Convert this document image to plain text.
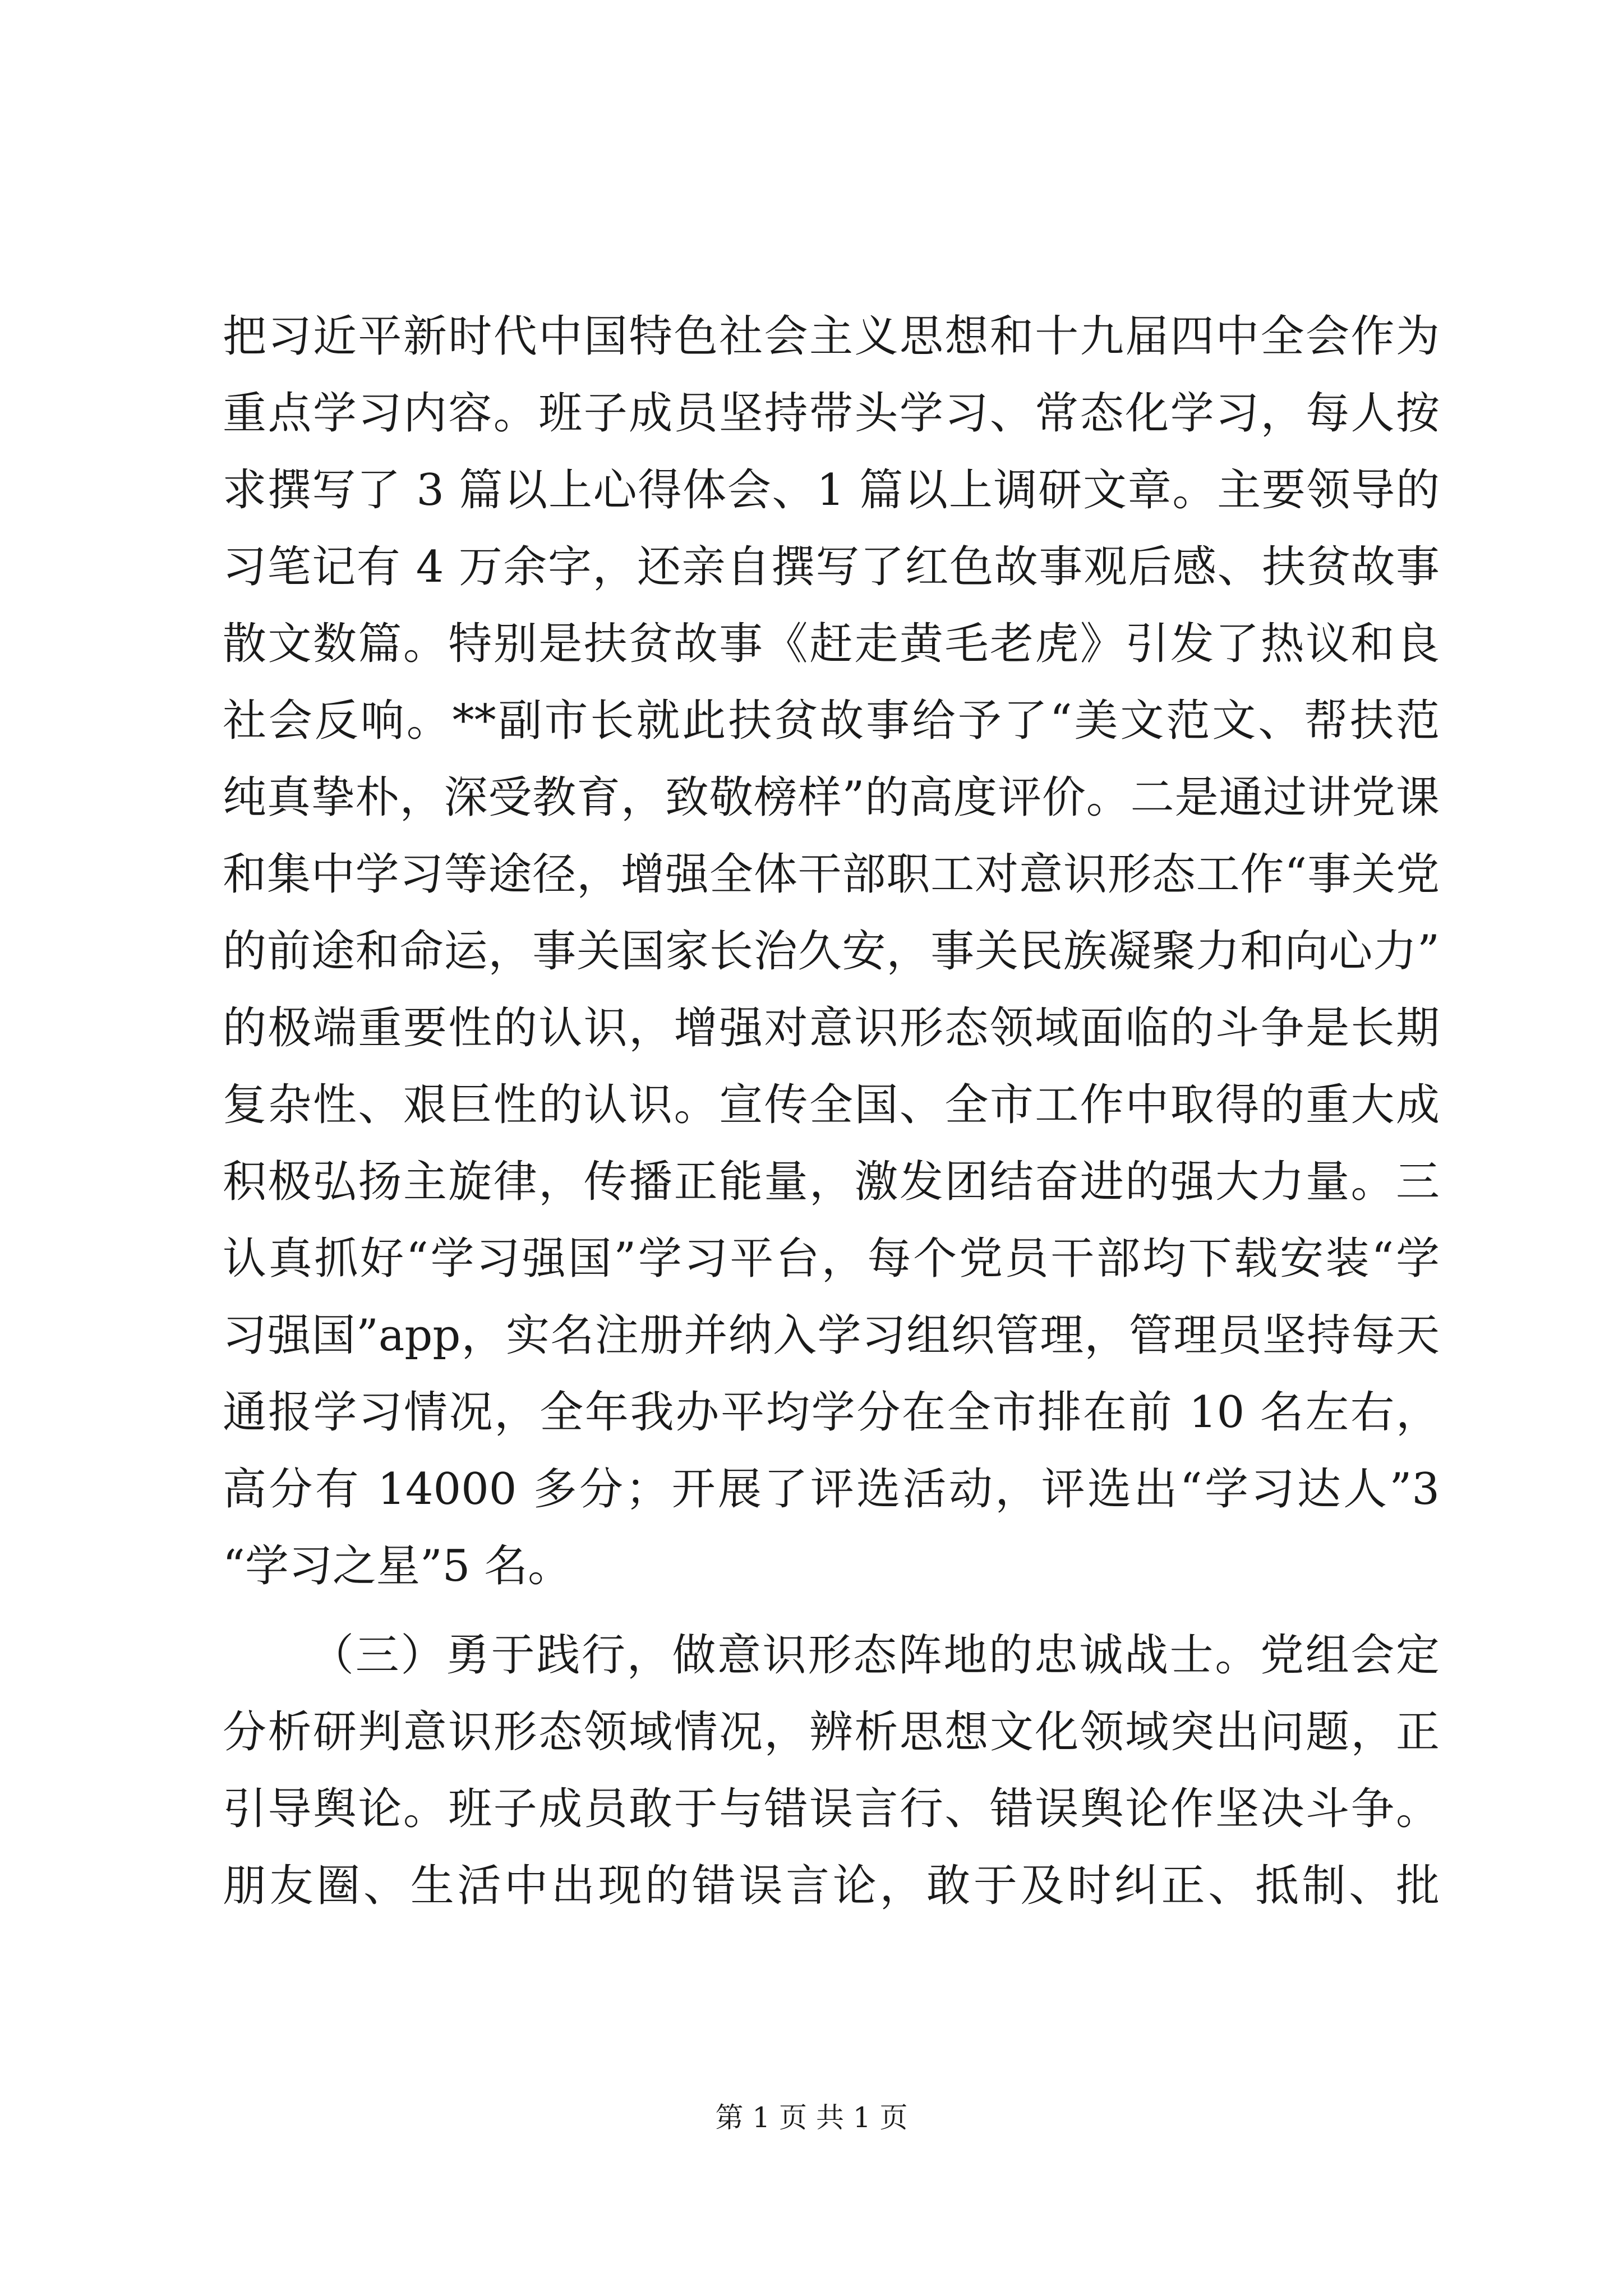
把习近平新时代中国特色社会主义思想和十九届四中全会作为
重点学习内容。班子成员坚持带头学习、常态化学习，每人按
求撰写了 3 篇以上心得体会、1 篇以上调研文章。主要领导的
习笔记有 4 万余字，还亲自撰写了红色故事观后感、扶贫故事
散文数篇。特别是扶贫故事《赶走黄毛老虎》引发了热议和良
社会反响。**副市长就此扶贫故事给予了“美文范文、帮扶范
纯真挚朴，深受教育，致敬榜样”的高度评价。二是通过讲党课
和集中学习等途径，增强全体干部职工对意识形态工作“事关党
的前途和命运，事关国家长治久安，事关民族凝聚力和向心力”
的极端重要性的认识，增强对意识形态领域面临的斗争是长期
复杂性、艰巨性的认识。宣传全国、全市工作中取得的重大成
积极弘扬主旋律，传播正能量，激发团结奋进的强大力量。三
认真抓好“学习强国”学习平台，每个党员干部均下载安装“学
习强国”app，实名注册并纳入学习组织管理，管理员坚持每天
通报学习情况，全年我办平均学分在全市排在前 10 名左右，
高分有 14000 多分；开展了评选活动，评选出“学习达人”3
“学习之星”5 名。
（三）勇于践行，做意识形态阵地的忠诚战士。党组会定
分析研判意识形态领域情况，辨析思想文化领域突出问题，正
引导舆论。班子成员敢于与错误言行、错误舆论作坚决斗争。
朋友圈、生活中出现的错误言论，敢于及时纠正、抵制、批
第 1 页 共 1 页
